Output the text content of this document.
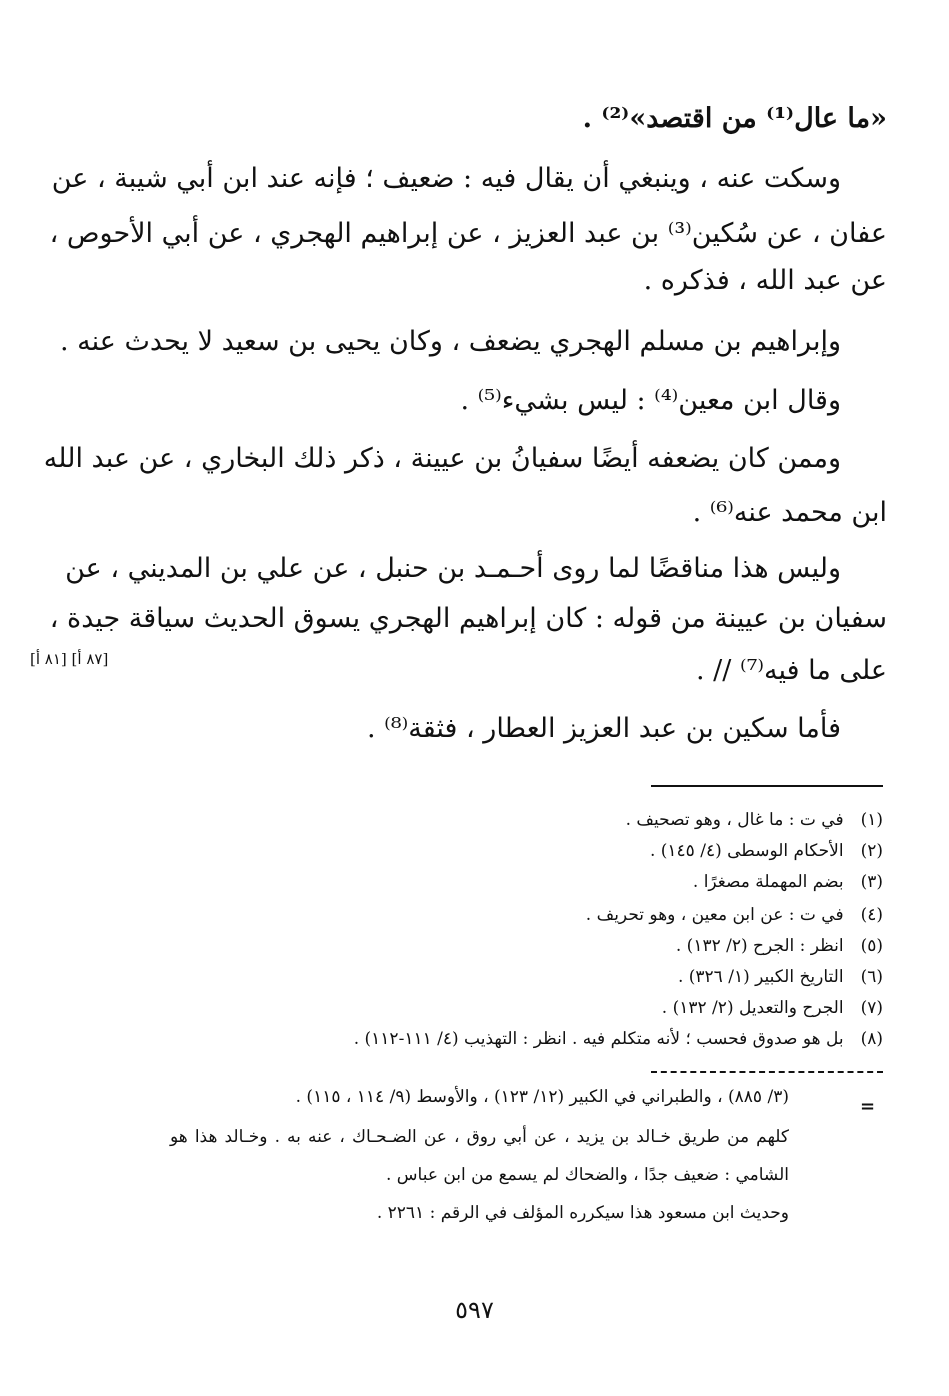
«ما عال⁽¹⁾ من اقتصد»⁽²⁾ .
وسكت عنه ، وينبغي أن يقال فيه : ضعيف ؛ فإنه عند ابن أبي شيبة ، عن
عفان ، عن سُكين⁽³⁾ بن عبد العزيز ، عن إبراهيم الهجري ، عن أبي الأحوص ،
عن عبد الله ، فذكره .
وإبراهيم بن مسلم الهجري يضعف ، وكان يحيى بن سعيد لا يحدث عنه .
وقال ابن معين⁽⁴⁾ : ليس بشيء⁽⁵⁾ .
وممن كان يضعفه أيضًا سفيانُ بن عيينة ، ذكر ذلك البخاري ، عن عبد الله
ابن محمد عنه⁽⁶⁾ .
وليس هذا مناقضًا لما روى أحـمـد بن حنبل ، عن علي بن المديني ، عن
سفيان بن عيينة من قوله : كان إبراهيم الهجري يسوق الحديث سياقة جيدة ،
على ما فيه⁽⁷⁾ // .
فأما سكين بن عبد العزيز العطار ، فثقة⁽⁸⁾ .
[٨٧ أ] [٨١ أ]
(١)　في ت : ما غال ، وهو تصحيف .
(٢)　الأحكام الوسطى (٤/ ١٤٥) .
(٣)　بضم المهملة مصغرًا .
(٤)　في ت : عن ابن معين ، وهو تحريف .
(٥)　انظر : الجرح (٢/ ١٣٢) .
(٦)　التاريخ الكبير (١/ ٣٢٦) .
(٧)　الجرح والتعديل (٢/ ١٣٢) .
(٨)　بل هو صدوق فحسب ؛ لأنه متكلم فيه . انظر : التهذيب (٤/ ١١١-١١٢) .
=
(٣/ ٨٨٥) ، والطبراني في الكبير (١٢/ ١٢٣) ، والأوسط (٩/ ١١٤ ، ١١٥) .
كلهم من طريق خـالد بن يزيد ، عن أبي روق ، عن الضـحـاك ، عنه به . وخـالد هذا هو
الشامي : ضعيف جدًا ، والضحاك لم يسمع من ابن عباس .
وحديث ابن مسعود هذا سيكرره المؤلف في الرقم : ٢٢٦١ .
٥٩٧
